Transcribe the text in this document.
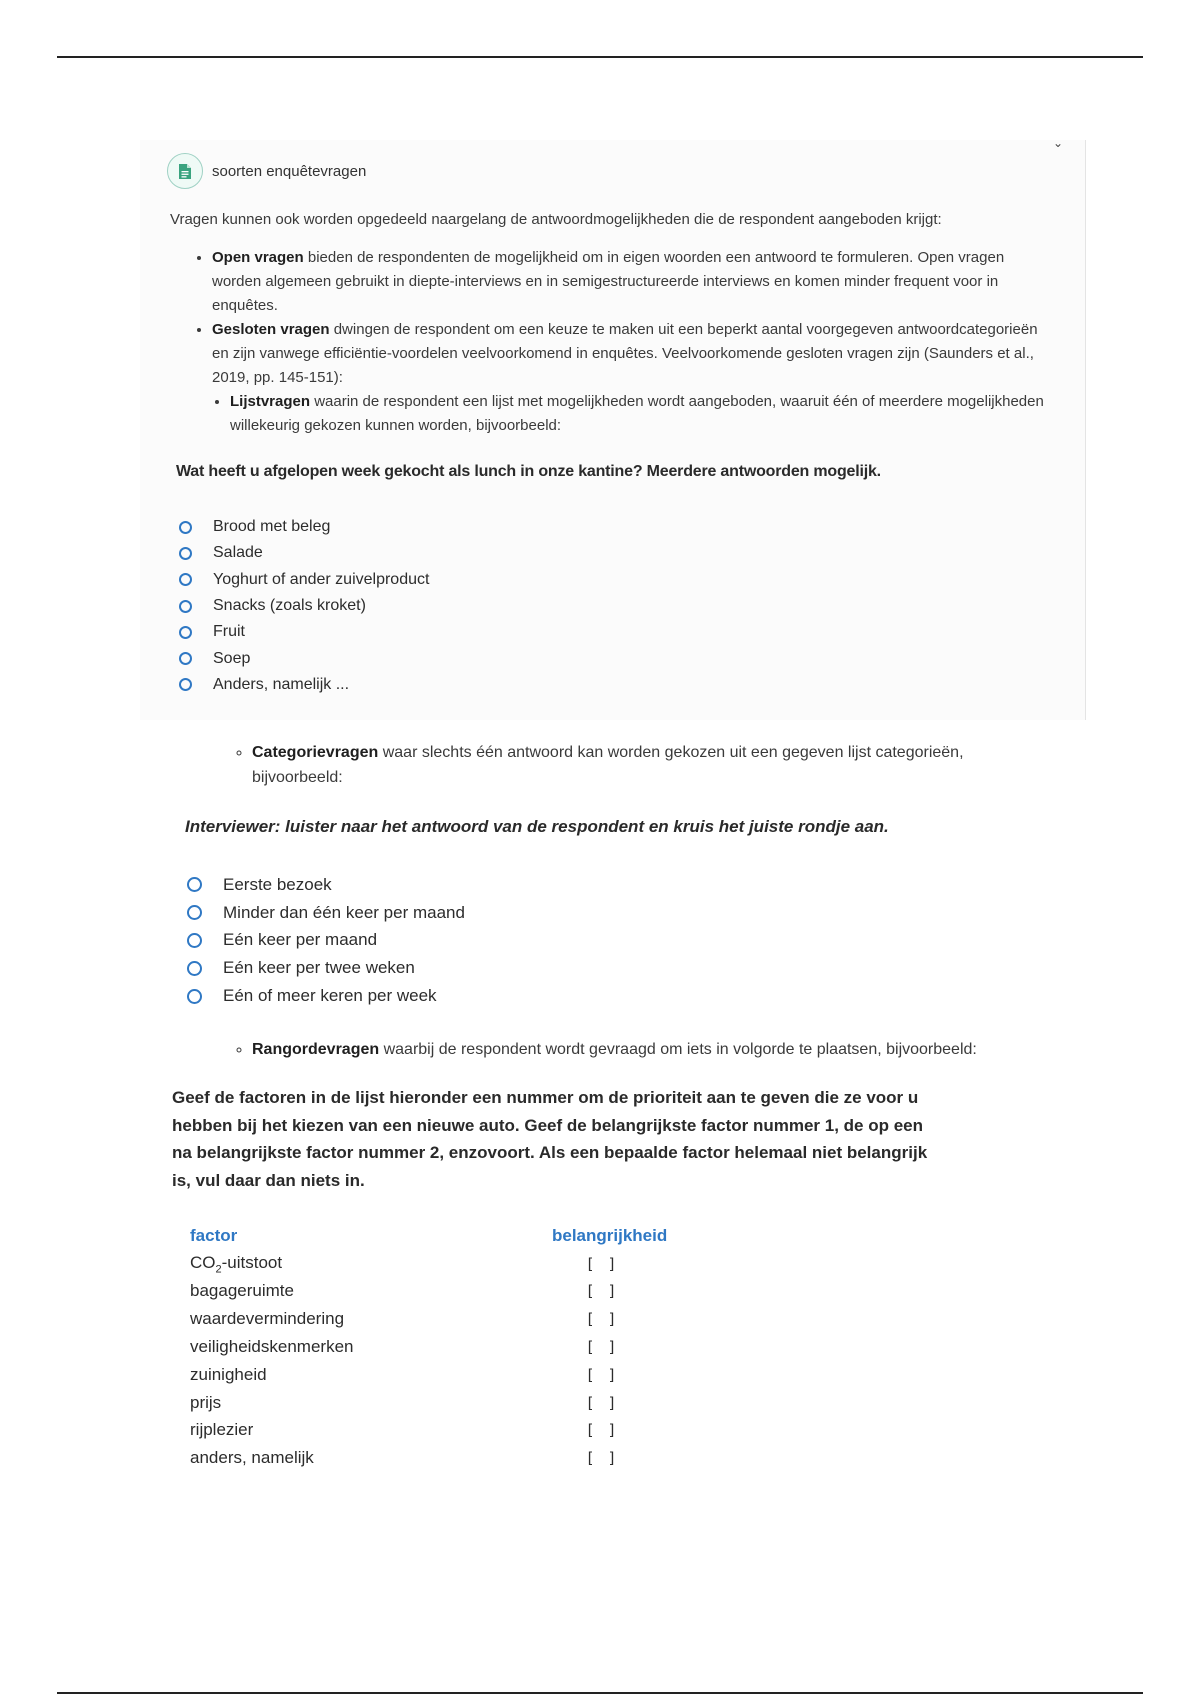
⌄
soorten enquêtevragen
Vragen kunnen ook worden opgedeeld naargelang de antwoordmogelijkheden die de respondent aangeboden krijgt:
• Open vragen bieden de respondenten de mogelijkheid om in eigen woorden een antwoord te formuleren. Open vragen worden algemeen gebruikt in diepte-interviews en in semigestructureerde interviews en komen minder frequent voor in enquêtes.
• Gesloten vragen dwingen de respondent om een keuze te maken uit een beperkt aantal voorgegeven antwoordcategorieën en zijn vanwege efficiëntie-voordelen veelvoorkomend in enquêtes. Veelvoorkomende gesloten vragen zijn (Saunders et al., 2019, pp. 145-151):
• Lijstvragen waarin de respondent een lijst met mogelijkheden wordt aangeboden, waaruit één of meerdere mogelijkheden willekeurig gekozen kunnen worden, bijvoorbeeld:
Wat heeft u afgelopen week gekocht als lunch in onze kantine? Meerdere antwoorden mogelijk.
Brood met beleg
Salade
Yoghurt of ander zuivelproduct
Snacks (zoals kroket)
Fruit
Soep
Anders, namelijk ...
◦ Categorievragen waar slechts één antwoord kan worden gekozen uit een gegeven lijst categorieën, bijvoorbeeld:
Interviewer: luister naar het antwoord van de respondent en kruis het juiste rondje aan.
Eerste bezoek
Minder dan één keer per maand
Eén keer per maand
Eén keer per twee weken
Eén of meer keren per week
◦ Rangordevragen waarbij de respondent wordt gevraagd om iets in volgorde te plaatsen, bijvoorbeeld:
Geef de factoren in de lijst hieronder een nummer om de prioriteit aan te geven die ze voor u hebben bij het kiezen van een nieuwe auto. Geef de belangrijkste factor nummer 1, de op een na belangrijkste factor nummer 2, enzovoort. Als een bepaalde factor helemaal niet belangrijk is, vul daar dan niets in.
factor	belangrijkheid
$CO_2$-uitstoot	[ ]
bagageruimte	[ ]
waardevermindering	[ ]
veiligheidskenmerken	[ ]
zuinigheid	[ ]
prijs	[ ]
rijplezier	[ ]
anders, namelijk	[ ]
